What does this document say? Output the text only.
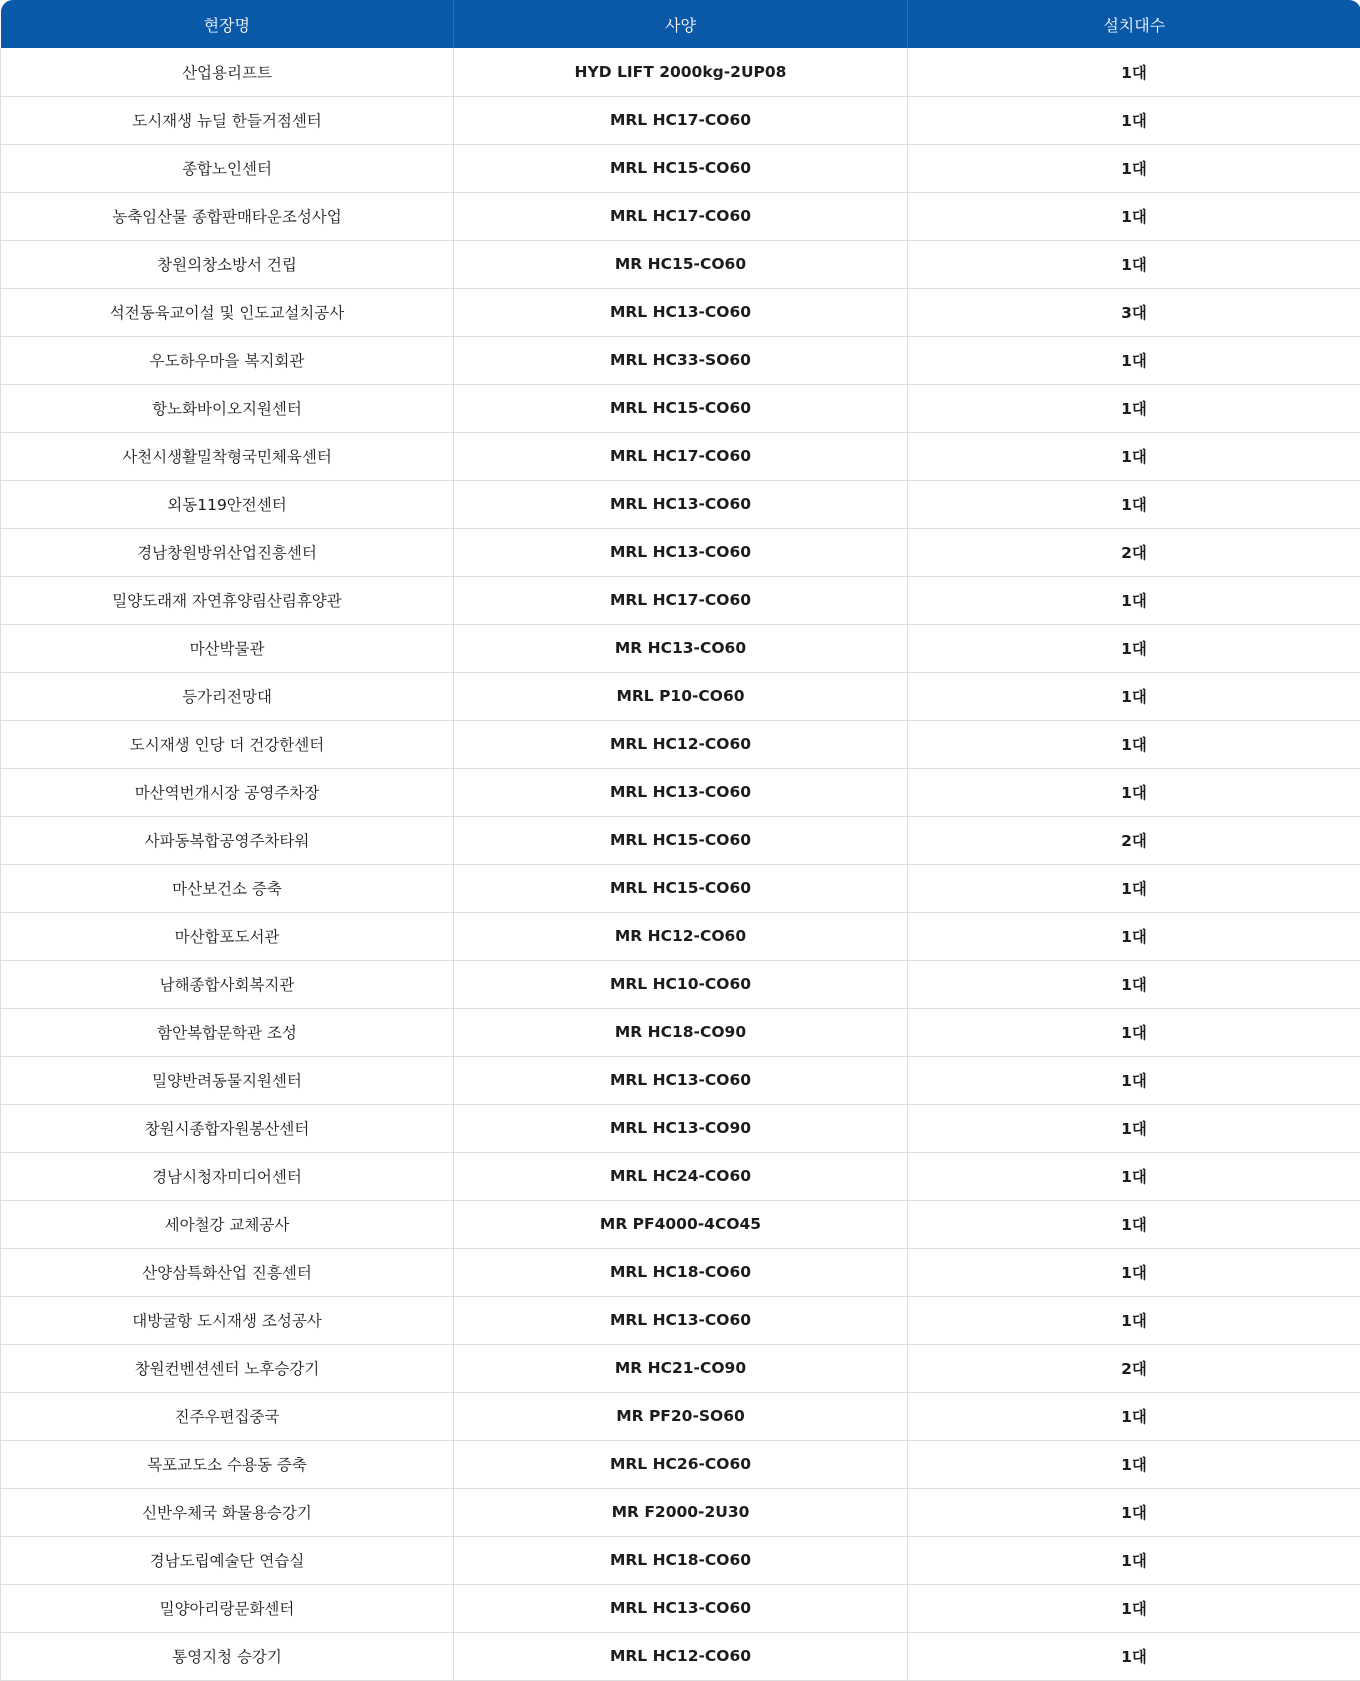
현장명	사양	설치대수
산업용리프트	HYD LIFT 2000kg-2UP08	1대
도시재생 뉴딜 한들거점센터	MRL HC17-CO60	1대
종합노인센터	MRL HC15-CO60	1대
농축임산물 종합판매타운조성사업	MRL HC17-CO60	1대
창원의창소방서 건립	MR HC15-CO60	1대
석전동육교이설 및 인도교설치공사	MRL HC13-CO60	3대
우도하우마을 복지회관	MRL HC33-SO60	1대
항노화바이오지원센터	MRL HC15-CO60	1대
사천시생활밀착형국민체육센터	MRL HC17-CO60	1대
외동119안전센터	MRL HC13-CO60	1대
경남창원방위산업진흥센터	MRL HC13-CO60	2대
밀양도래재 자연휴양림산림휴양관	MRL HC17-CO60	1대
마산박물관	MR HC13-CO60	1대
등가리전망대	MRL P10-CO60	1대
도시재생 인당 더 건강한센터	MRL HC12-CO60	1대
마산역번개시장 공영주차장	MRL HC13-CO60	1대
사파동복합공영주차타워	MRL HC15-CO60	2대
마산보건소 증축	MRL HC15-CO60	1대
마산합포도서관	MR HC12-CO60	1대
남해종합사회복지관	MRL HC10-CO60	1대
함안복합문학관 조성	MR HC18-CO90	1대
밀양반려동물지원센터	MRL HC13-CO60	1대
창원시종합자원봉산센터	MRL HC13-CO90	1대
경남시청자미디어센터	MRL HC24-CO60	1대
세아철강 교체공사	MR PF4000-4CO45	1대
산양삼특화산업 진흥센터	MRL HC18-CO60	1대
대방굴항 도시재생 조성공사	MRL HC13-CO60	1대
창원컨벤션센터 노후승강기	MR HC21-CO90	2대
진주우편집중국	MR PF20-SO60	1대
목포교도소 수용동 증축	MRL HC26-CO60	1대
신반우체국 화물용승강기	MR F2000-2U30	1대
경남도립예술단 연습실	MRL HC18-CO60	1대
밀양아리랑문화센터	MRL HC13-CO60	1대
통영지청 승강기	MRL HC12-CO60	1대
